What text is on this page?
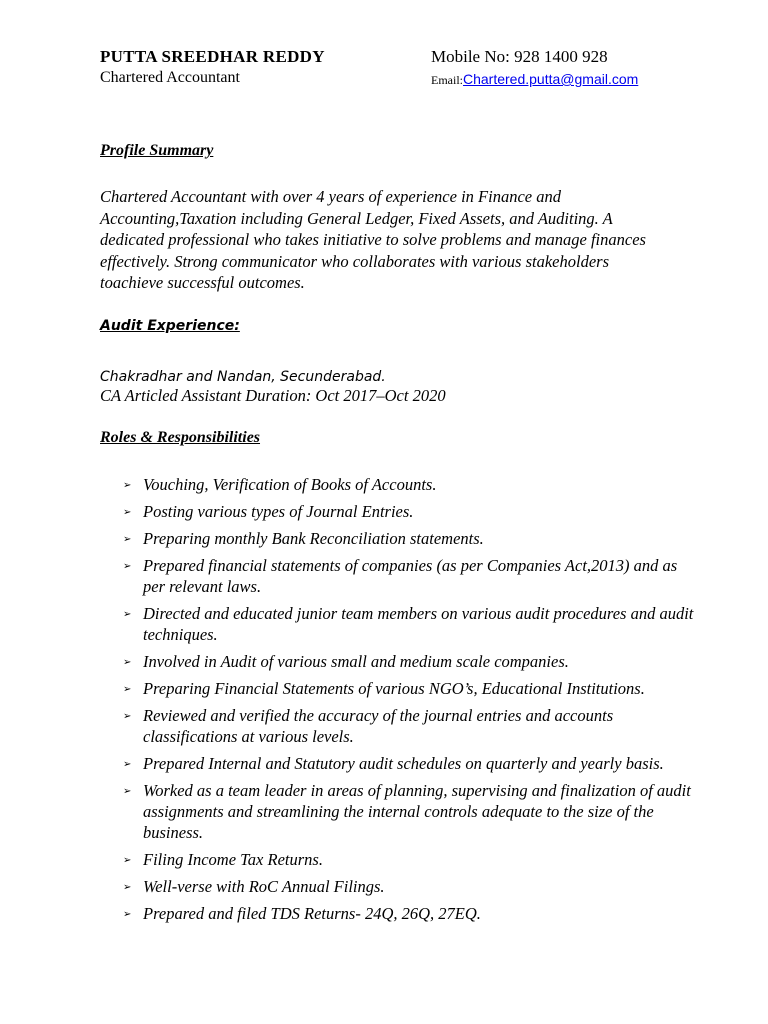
PUTTA SREEDHAR REDDY
Chartered Accountant
Mobile No: 928 1400 928
Email:Chartered.putta@gmail.com
Profile Summary

Chartered Accountant with over 4 years of experience in Finance and Accounting,Taxation including General Ledger, Fixed Assets, and Auditing. A dedicated professional who takes initiative to solve problems and manage finances effectively. Strong communicator who collaborates with various stakeholders toachieve successful outcomes.

Audit Experience:
Chakradhar and Nandan, Secunderabad.
CA Articled Assistant Duration: Oct 2017–Oct 2020
Roles & Responsibilities
➢ Vouching, Verification of Books of Accounts.
➢ Posting various types of Journal Entries.
➢ Preparing monthly Bank Reconciliation statements.
➢ Prepared financial statements of companies (as per Companies Act,2013) and as per relevant laws.
➢ Directed and educated junior team members on various audit procedures and audit techniques.
➢ Involved in Audit of various small and medium scale companies.
➢ Preparing Financial Statements of various NGO’s, Educational Institutions.
➢ Reviewed and verified the accuracy of the journal entries and accounts classifications at various levels.
➢ Prepared Internal and Statutory audit schedules on quarterly and yearly basis.
➢ Worked as a team leader in areas of planning, supervising and finalization of audit assignments and streamlining the internal controls adequate to the size of the business.
➢ Filing Income Tax Returns.
➢ Well-verse with RoC Annual Filings.
➢ Prepared and filed TDS Returns- 24Q, 26Q, 27EQ.
